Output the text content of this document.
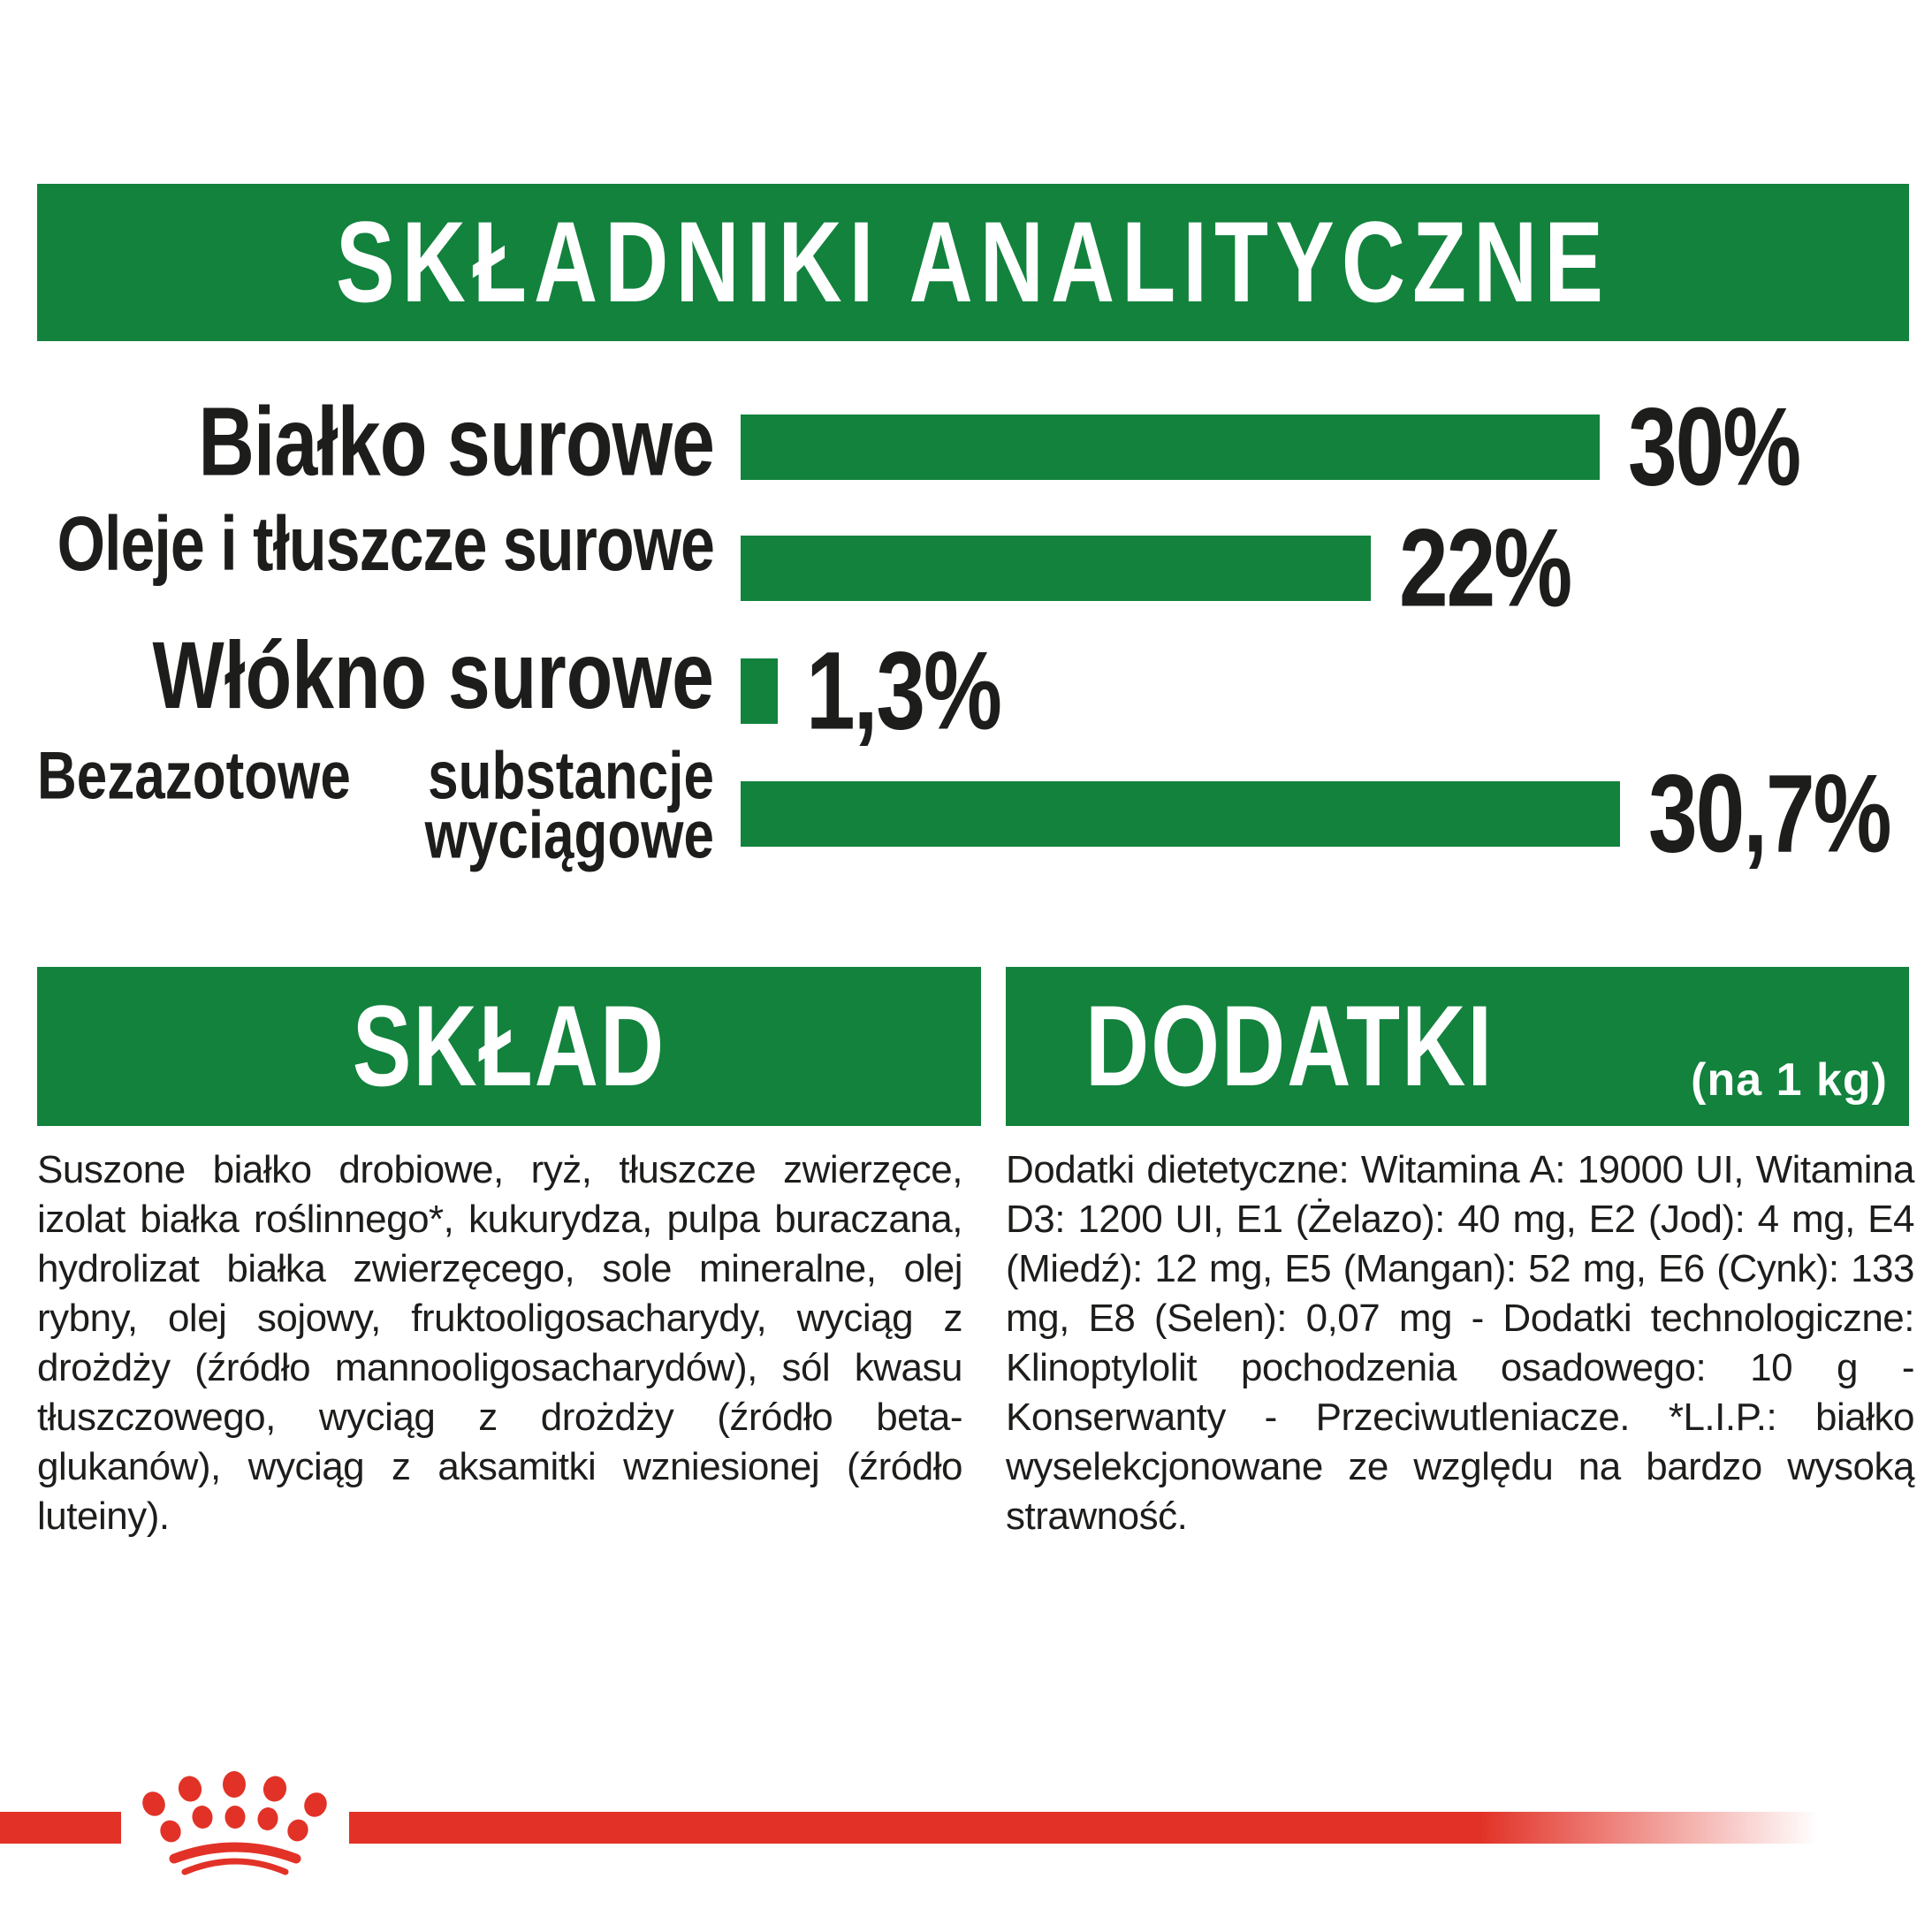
SKŁADNIKI ANALITYCZNE
Białko surowe	30%
Oleje i tłuszcze surowe	22%
Włókno surowe 1,3%
Bezazotowe substancje
wyciągowe	30,7%
SKŁAD
Suszone białko drobiowe, ryż, tłuszcze zwierzęce, izolat białka roślinnego*, kukurydza, pulpa buraczana, hydrolizat białka zwierzęcego, sole mineralne, olej rybny, olej sojowy, fruktooligosacharydy, wyciąg z drożdży (źródło mannooligosacharydów), sól kwasu tłuszczowego, wyciąg z drożdży (źródło beta-glukanów), wyciąg z aksamitki wzniesionej (źródło luteiny).
DODATKI	(na 1 kg)
Dodatki dietetyczne: Witamina A: 19000 UI, Witamina D3: 1200 UI, E1 (Żelazo): 40 mg, E2 (Jod): 4 mg, E4 (Miedź): 12 mg, E5 (Mangan): 52 mg, E6 (Cynk): 133 mg, E8 (Selen): 0,07 mg - Dodatki technologiczne: Klinoptylolit pochodzenia osadowego: 10 g - Konserwanty - Przeciwutleniacze. *L.I.P.: białko wyselekcjonowane ze względu na bardzo wysoką strawność.
